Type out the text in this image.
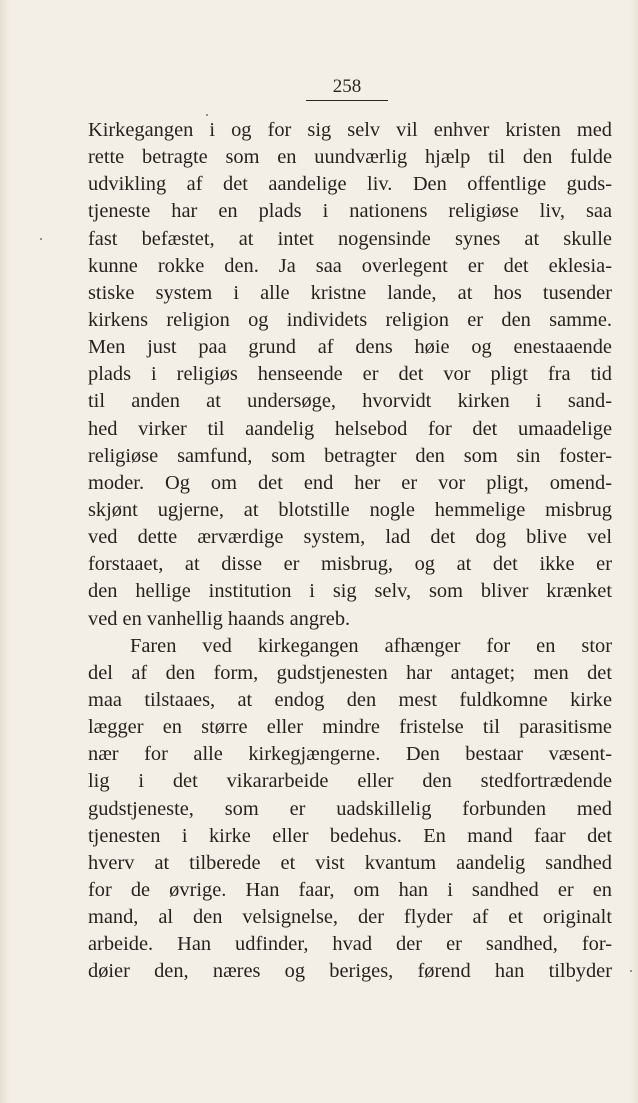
258
Kirkegangen i og for sig selv vil enhver kristen med
rette betragte som en uundværlig hjælp til den fulde
udvikling af det aandelige liv. Den offentlige guds-
tjeneste har en plads i nationens religiøse liv, saa
fast befæstet, at intet nogensinde synes at skulle
kunne rokke den. Ja saa overlegent er det eklesia-
stiske system i alle kristne lande, at hos tusender
kirkens religion og individets religion er den samme.
Men just paa grund af dens høie og enestaaende
plads i religiøs henseende er det vor pligt fra tid
til anden at undersøge, hvorvidt kirken i sand-
hed virker til aandelig helsebod for det umaadelige
religiøse samfund, som betragter den som sin foster-
moder. Og om det end her er vor pligt, omend-
skjønt ugjerne, at blotstille nogle hemmelige misbrug
ved dette ærværdige system, lad det dog blive vel
forstaaet, at disse er misbrug, og at det ikke er
den hellige institution i sig selv, som bliver krænket
ved en vanhellig haands angreb.
Faren ved kirkegangen afhænger for en stor
del af den form, gudstjenesten har antaget; men det
maa tilstaaes, at endog den mest fuldkomne kirke
lægger en større eller mindre fristelse til parasitisme
nær for alle kirkegjængerne. Den bestaar væsent-
lig i det vikararbeide eller den stedfortrædende
gudstjeneste, som er uadskillelig forbunden med
tjenesten i kirke eller bedehus. En mand faar det
hverv at tilberede et vist kvantum aandelig sandhed
for de øvrige. Han faar, om han i sandhed er en
mand, al den velsignelse, der flyder af et originalt
arbeide. Han udfinder, hvad der er sandhed, for-
døier den, næres og beriges, førend han tilbyder
